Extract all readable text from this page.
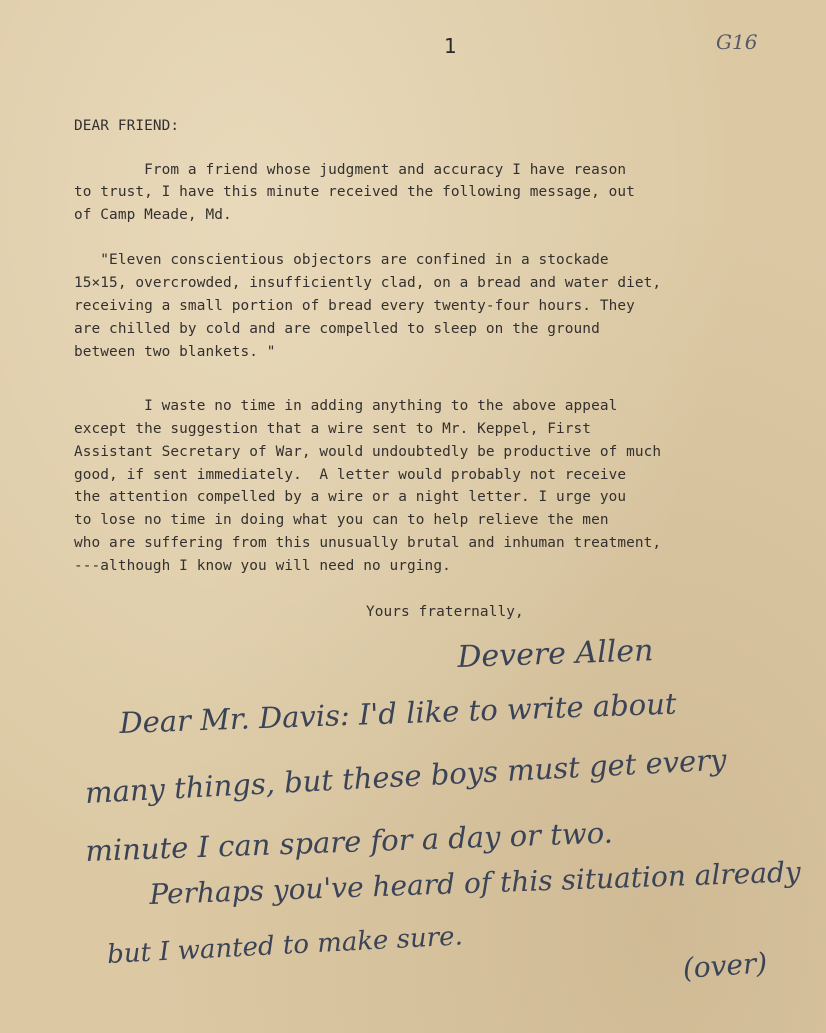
1	G16
DEAR FRIEND:
From a friend whose judgment and accuracy I have reason
to trust, I have this minute received the following message, out
of Camp Meade, Md.
"Eleven conscientious objectors are confined in a stockade
15×15, overcrowded, insufficiently clad, on a bread and water diet,
receiving a small portion of bread every twenty-four hours. They
are chilled by cold and are compelled to sleep on the ground
between two blankets. "
I waste no time in adding anything to the above appeal
except the suggestion that a wire sent to Mr. Keppel, First
Assistant Secretary of War, would undoubtedly be productive of much
good, if sent immediately.  A letter would probably not receive
the attention compelled by a wire or a night letter. I urge you
to lose no time in doing what you can to help relieve the men
who are suffering from this unusually brutal and inhuman treatment,
---although I know you will need no urging.
Yours fraternally,
Devere Allen
Dear Mr. Davis: I'd like to write about
many things, but these boys must get every
minute I can spare for a day or two.
Perhaps you've heard of this situation already
but I wanted to make sure.	(over)
